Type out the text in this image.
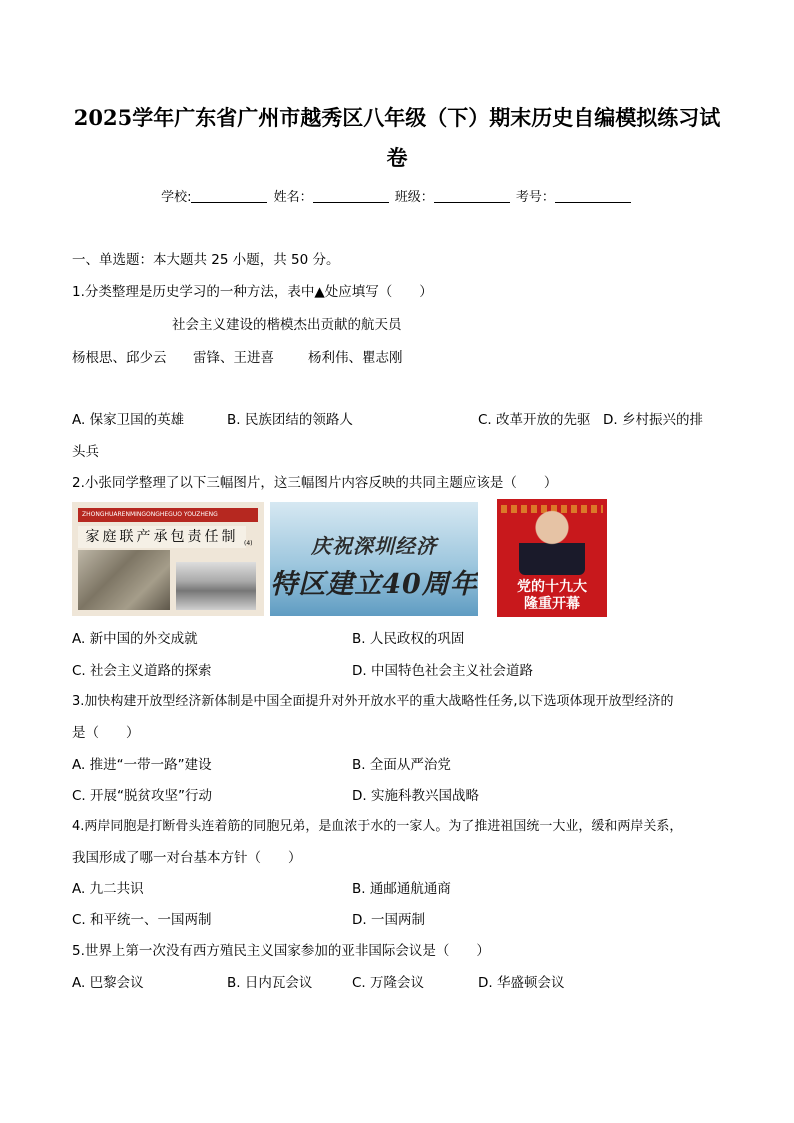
2025学年广东省广州市越秀区八年级（下）期末历史自编模拟练习试
卷
学校:	姓名：	班级：	考号：
一、单选题：本大题共 25 小题，共 50 分。
1.分类整理是历史学习的一种方法，表中▲处应填写（　　）
社会主义建设的楷模杰出贡献的航天员
杨根思、邱少云 雷锋、王进喜	杨利伟、瞿志刚
A. 保家卫国的英雄	B. 民族团结的领路人	C. 改革开放的先驱 D. 乡村振兴的排
头兵
2.小张同学整理了以下三幅图片，这三幅图片内容反映的共同主题应该是（　　）
ZHONGHUARENMINGONGHEGUO YOUZHENG
家庭联产承包责任制 (4)	庆祝深圳经济
特区建立40周年	党的十九大
隆重开幕
A. 新中国的外交成就	B. 人民政权的巩固
C. 社会主义道路的探索	D. 中国特色社会主义社会道路
3.加快构建开放型经济新体制是中国全面提升对外开放水平的重大战略性任务,以下选项体现开放型经济的
是（　　）
A. 推进“一带一路”建设	B. 全面从严治党
C. 开展“脱贫攻坚”行动	D. 实施科教兴国战略
4.两岸同胞是打断骨头连着筋的同胞兄弟，是血浓于水的一家人。为了推进祖国统一大业，缓和两岸关系，
我国形成了哪一对台基本方针（　　）
A. 九二共识	B. 通邮通航通商
C. 和平统一、一国两制	D. 一国两制
5.世界上第一次没有西方殖民主义国家参加的亚非国际会议是（　　）
A. 巴黎会议	B. 日内瓦会议	C. 万隆会议	D. 华盛顿会议
